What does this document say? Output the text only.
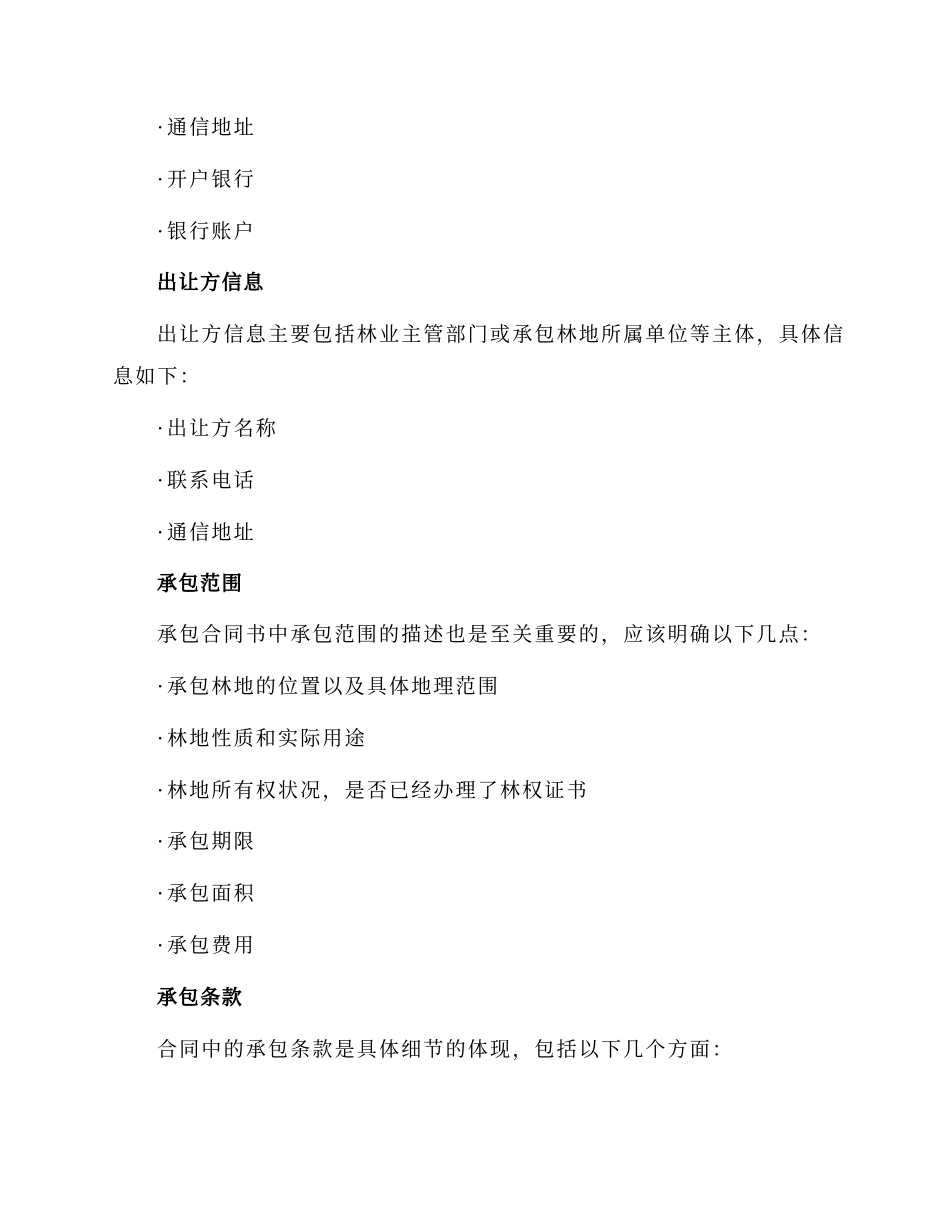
· 通信地址
· 开户银行
· 银行账户
出让方信息
出让方信息主要包括林业主管部门或承包林地所属单位等主体，具体信
息如下：
· 出让方名称
· 联系电话
· 通信地址
承包范围
承包合同书中承包范围的描述也是至关重要的，应该明确以下几点：
· 承包林地的位置以及具体地理范围
· 林地性质和实际用途
· 林地所有权状况，是否已经办理了林权证书
· 承包期限
· 承包面积
· 承包费用
承包条款
合同中的承包条款是具体细节的体现，包括以下几个方面：
